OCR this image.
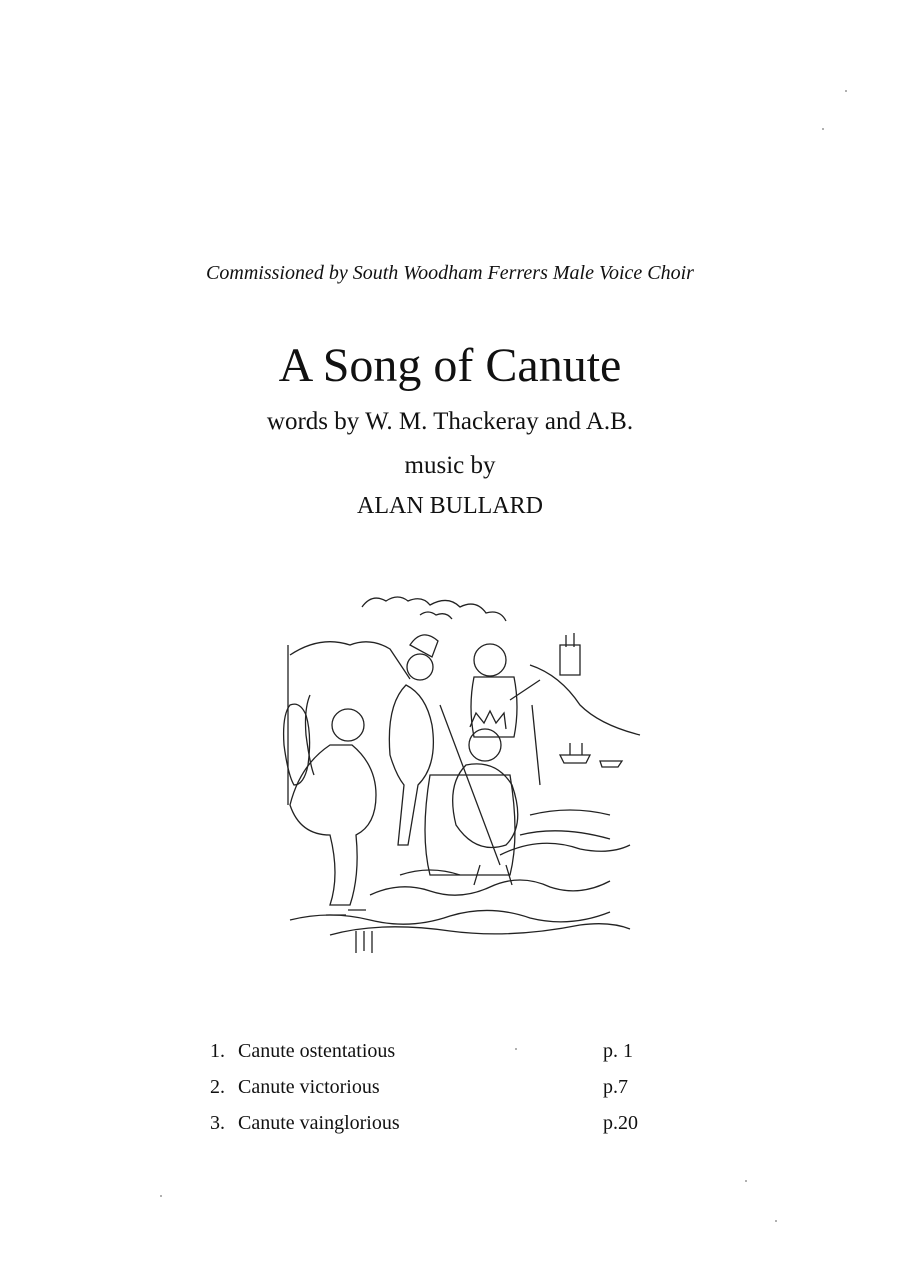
Commissioned by South Woodham Ferrers Male Voice Choir
A Song of Canute
words by W. M. Thackeray and A.B.
music by
ALAN BULLARD
1. Canute ostentatious	p. 1
2. Canute victorious	p.7
3. Canute vainglorious	p.20
